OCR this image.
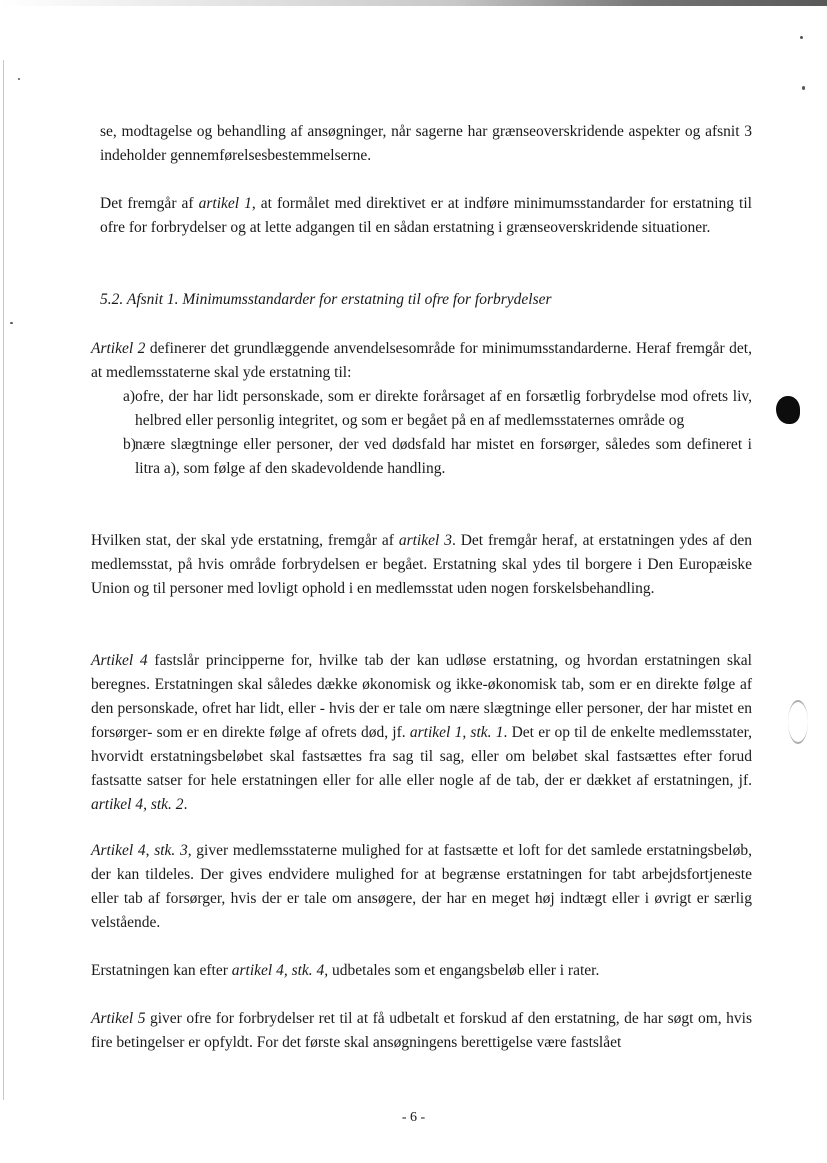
se, modtagelse og behandling af ansøgninger, når sagerne har grænseoverskridende aspekter og afsnit 3 indeholder gennemførelsesbestemmelserne.

Det fremgår af artikel 1, at formålet med direktivet er at indføre minimumsstandarder for erstatning til ofre for forbrydelser og at lette adgangen til en sådan erstatning i grænseoverskridende situationer.

5.2. Afsnit 1. Minimumsstandarder for erstatning til ofre for forbrydelser

Artikel 2 definerer det grundlæggende anvendelsesområde for minimumsstandarderne. Heraf fremgår det, at medlemsstaterne skal yde erstatning til:

a) ofre, der har lidt personskade, som er direkte forårsaget af en forsætlig forbrydelse mod ofrets liv, helbred eller personlig integritet, og som er begået på en af medlemsstaternes område og
b) nære slægtninge eller personer, der ved dødsfald har mistet en forsørger, således som defineret i litra a), som følge af den skadevoldende handling.

Hvilken stat, der skal yde erstatning, fremgår af artikel 3. Det fremgår heraf, at erstatningen ydes af den medlemsstat, på hvis område forbrydelsen er begået. Erstatning skal ydes til borgere i Den Europæiske Union og til personer med lovligt ophold i en medlemsstat uden nogen forskelsbehandling.

Artikel 4 fastslår principperne for, hvilke tab der kan udløse erstatning, og hvordan erstatningen skal beregnes. Erstatningen skal således dække økonomisk og ikke-økonomisk tab, som er en direkte følge af den personskade, ofret har lidt, eller - hvis der er tale om nære slægtninge eller personer, der har mistet en forsørger- som er en direkte følge af ofrets død, jf. artikel 1, stk. 1. Det er op til de enkelte medlemsstater, hvorvidt erstatningsbeløbet skal fastsættes fra sag til sag, eller om beløbet skal fastsættes efter forud fastsatte satser for hele erstatningen eller for alle eller nogle af de tab, der er dækket af erstatningen, jf. artikel 4, stk. 2.

Artikel 4, stk. 3, giver medlemsstaterne mulighed for at fastsætte et loft for det samlede erstatningsbeløb, der kan tildeles. Der gives endvidere mulighed for at begrænse erstatningen for tabt arbejdsfortjeneste eller tab af forsørger, hvis der er tale om ansøgere, der har en meget høj indtægt eller i øvrigt er særlig velstående.

Erstatningen kan efter artikel 4, stk. 4, udbetales som et engangsbeløb eller i rater.

Artikel 5 giver ofre for forbrydelser ret til at få udbetalt et forskud af den erstatning, de har søgt om, hvis fire betingelser er opfyldt. For det første skal ansøgningens berettigelse være fastslået

- 6 -
